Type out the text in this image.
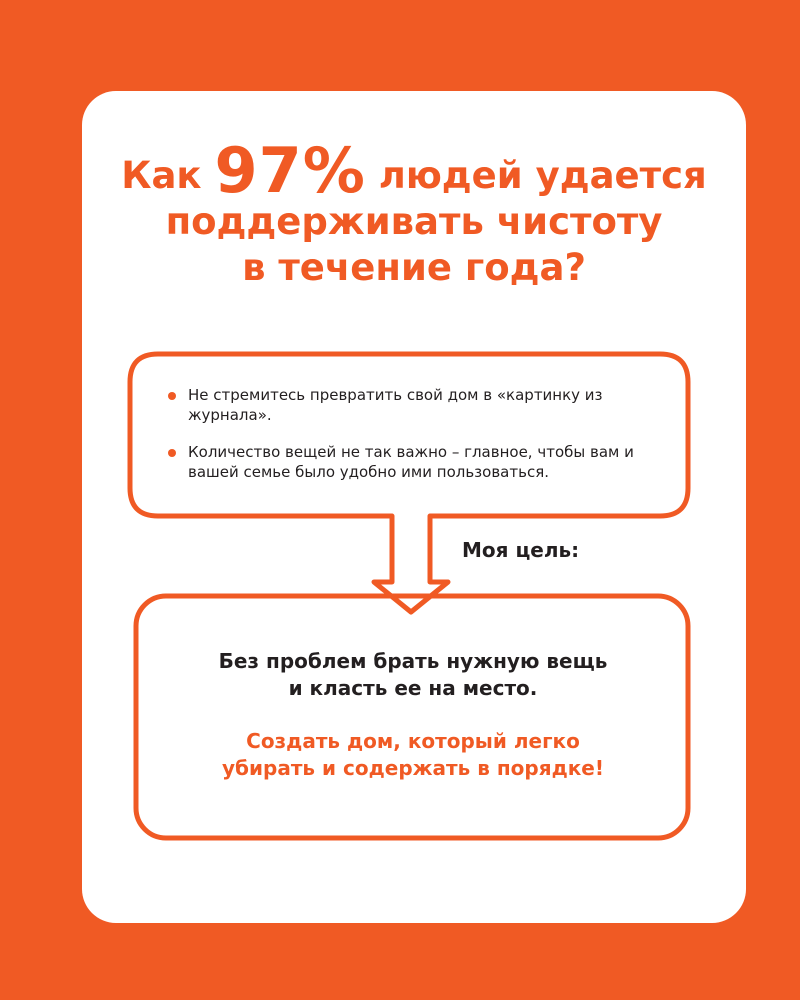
Как 97% людей удается
поддерживать чистоту
в течение года?
Не стремитесь превратить свой дом в «картинку из журнала».
Количество вещей не так важно – главное, чтобы вам и вашей семье было удобно ими пользоваться.
Моя цель:

Без проблем брать нужную вещь
и класть ее на место.

Создать дом, который легко
убирать и содержать в порядке!
